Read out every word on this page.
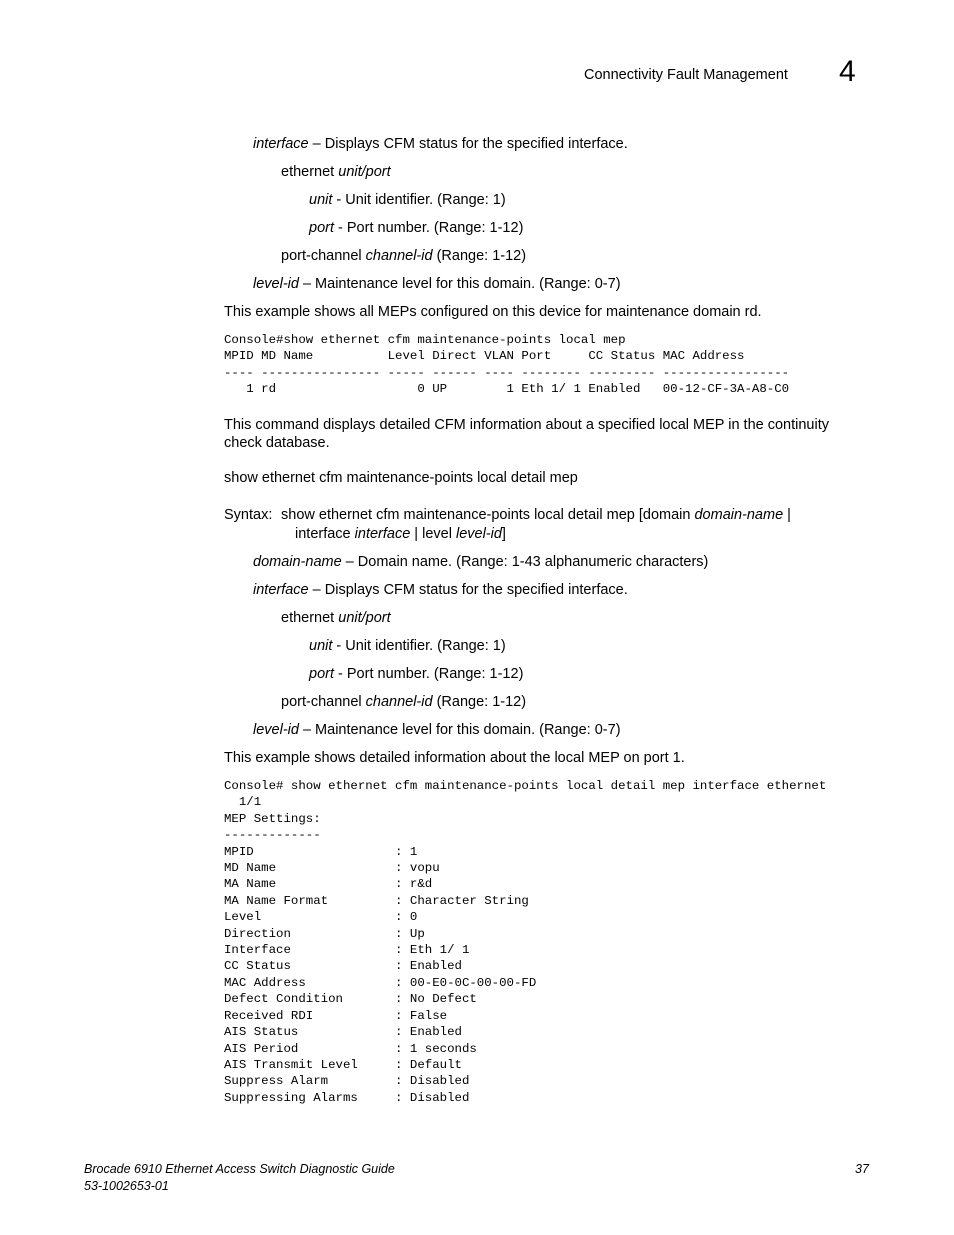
Connectivity Fault Management 4
interface – Displays CFM status for the specified interface.
ethernet unit/port
unit - Unit identifier. (Range: 1)
port - Port number. (Range: 1-12)
port-channel channel-id (Range: 1-12)
level-id – Maintenance level for this domain. (Range: 0-7)
This example shows all MEPs configured on this device for maintenance domain rd.
Console#show ethernet cfm maintenance-points local mep
MPID MD Name          Level Direct VLAN Port     CC Status MAC Address
---- ---------------- ----- ------ ---- -------- --------- -----------------
1 rd                   0 UP        1 Eth 1/ 1 Enabled   00-12-CF-3A-A8-C0
This command displays detailed CFM information about a specified local MEP in the continuity check database.
show ethernet cfm maintenance-points local detail mep
Syntax: show ethernet cfm maintenance-points local detail mep [domain domain-name |
interface interface | level level-id]
domain-name – Domain name. (Range: 1-43 alphanumeric characters)
interface – Displays CFM status for the specified interface.
ethernet unit/port
unit - Unit identifier. (Range: 1)
port - Port number. (Range: 1-12)
port-channel channel-id (Range: 1-12)
level-id – Maintenance level for this domain. (Range: 0-7)
This example shows detailed information about the local MEP on port 1.
Console# show ethernet cfm maintenance-points local detail mep interface ethernet
1/1
MEP Settings:
-------------
MPID                   : 1
MD Name                : vopu
MA Name                : r&d
MA Name Format         : Character String
Level                  : 0
Direction              : Up
Interface              : Eth 1/ 1
CC Status              : Enabled
MAC Address            : 00-E0-0C-00-00-FD
Defect Condition       : No Defect
Received RDI           : False
AIS Status             : Enabled
AIS Period             : 1 seconds
AIS Transmit Level     : Default
Suppress Alarm         : Disabled
Suppressing Alarms     : Disabled
Brocade 6910 Ethernet Access Switch Diagnostic Guide
53-1002653-01
37
